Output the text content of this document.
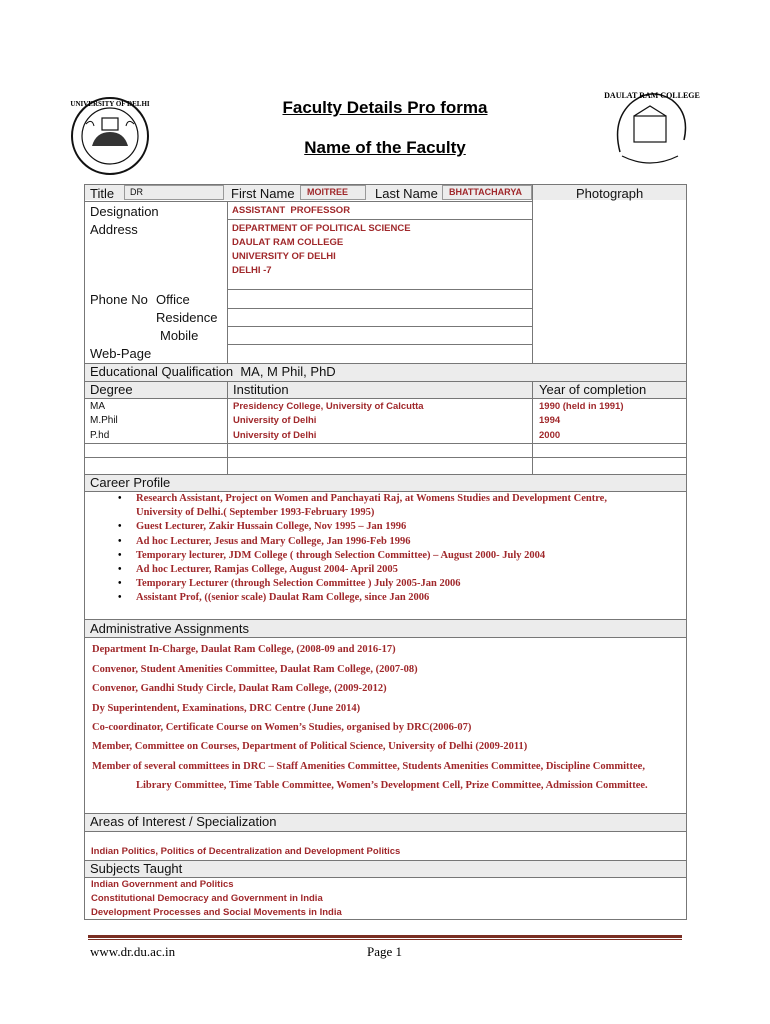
UNIVERSITY OF DELHI
DAULAT RAM COLLEGE
Faculty Details Pro forma
Name of the Faculty
Title DR	First Name MOITREE Last Name BHATTACHARYA	Photograph
Designation	ASSISTANT  PROFESSOR
Address	DEPARTMENT OF POLITICAL SCIENCE
DAULAT RAM COLLEGE
UNIVERSITY OF DELHI
DELHI -7
Phone No Office
Residence
Mobile
Web-Page
Educational Qualification MA, M Phil, PhD
Degree	Institution	Year of completion
MA	Presidency College, University of Calcutta	1990 (held in 1991)
M.Phil	University of Delhi	1994
P.hd	University of Delhi	2000
Career Profile
• Research Assistant, Project on Women and Panchayati Raj, at Womens Studies and Development Centre,
University of Delhi.( September 1993-February 1995)
• Guest Lecturer, Zakir Hussain College, Nov 1995 – Jan 1996
• Ad hoc Lecturer, Jesus and Mary College, Jan 1996-Feb 1996
• Temporary lecturer, JDM College ( through Selection Committee) – August 2000- July 2004
• Ad hoc Lecturer, Ramjas College, August 2004- April 2005
• Temporary Lecturer (through Selection Committee ) July 2005-Jan 2006
• Assistant Prof, ((senior scale) Daulat Ram College, since Jan 2006
Administrative Assignments
Department In-Charge, Daulat Ram College, (2008-09 and 2016-17)
Convenor, Student Amenities Committee, Daulat Ram College, (2007-08)
Convenor, Gandhi Study Circle, Daulat Ram College, (2009-2012)
Dy Superintendent, Examinations, DRC Centre (June 2014)
Co-coordinator, Certificate Course on Women’s Studies, organised by DRC(2006-07)
Member, Committee on Courses, Department of Political Science, University of Delhi (2009-2011)
Member of several committees in DRC – Staff Amenities Committee, Students Amenities Committee, Discipline Committee,
Library Committee, Time Table Committee, Women’s Development Cell, Prize Committee, Admission Committee.
Areas of Interest / Specialization
Indian Politics, Politics of Decentralization and Development Politics
Subjects Taught
Indian Government and Politics
Constitutional Democracy and Government in India
Development Processes and Social Movements in India
www.dr.du.ac.in	Page 1
